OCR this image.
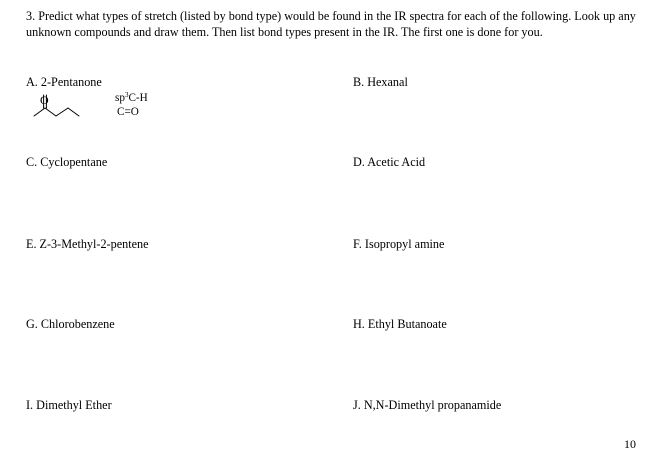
3. Predict what types of stretch (listed by bond type) would be found in the IR spectra for each of the following. Look up any unknown compounds and draw them. Then list bond types present in the IR. The first one is done for you.

A. 2-Pentanone	B. Hexanal
O	$sp^3C-H$
C=O
C. Cyclopentane	D. Acetic Acid
E. Z-3-Methyl-2-pentene	F. Isopropyl amine
G. Chlorobenzene	H. Ethyl Butanoate
I. Dimethyl Ether	J. N,N-Dimethyl propanamide
10
